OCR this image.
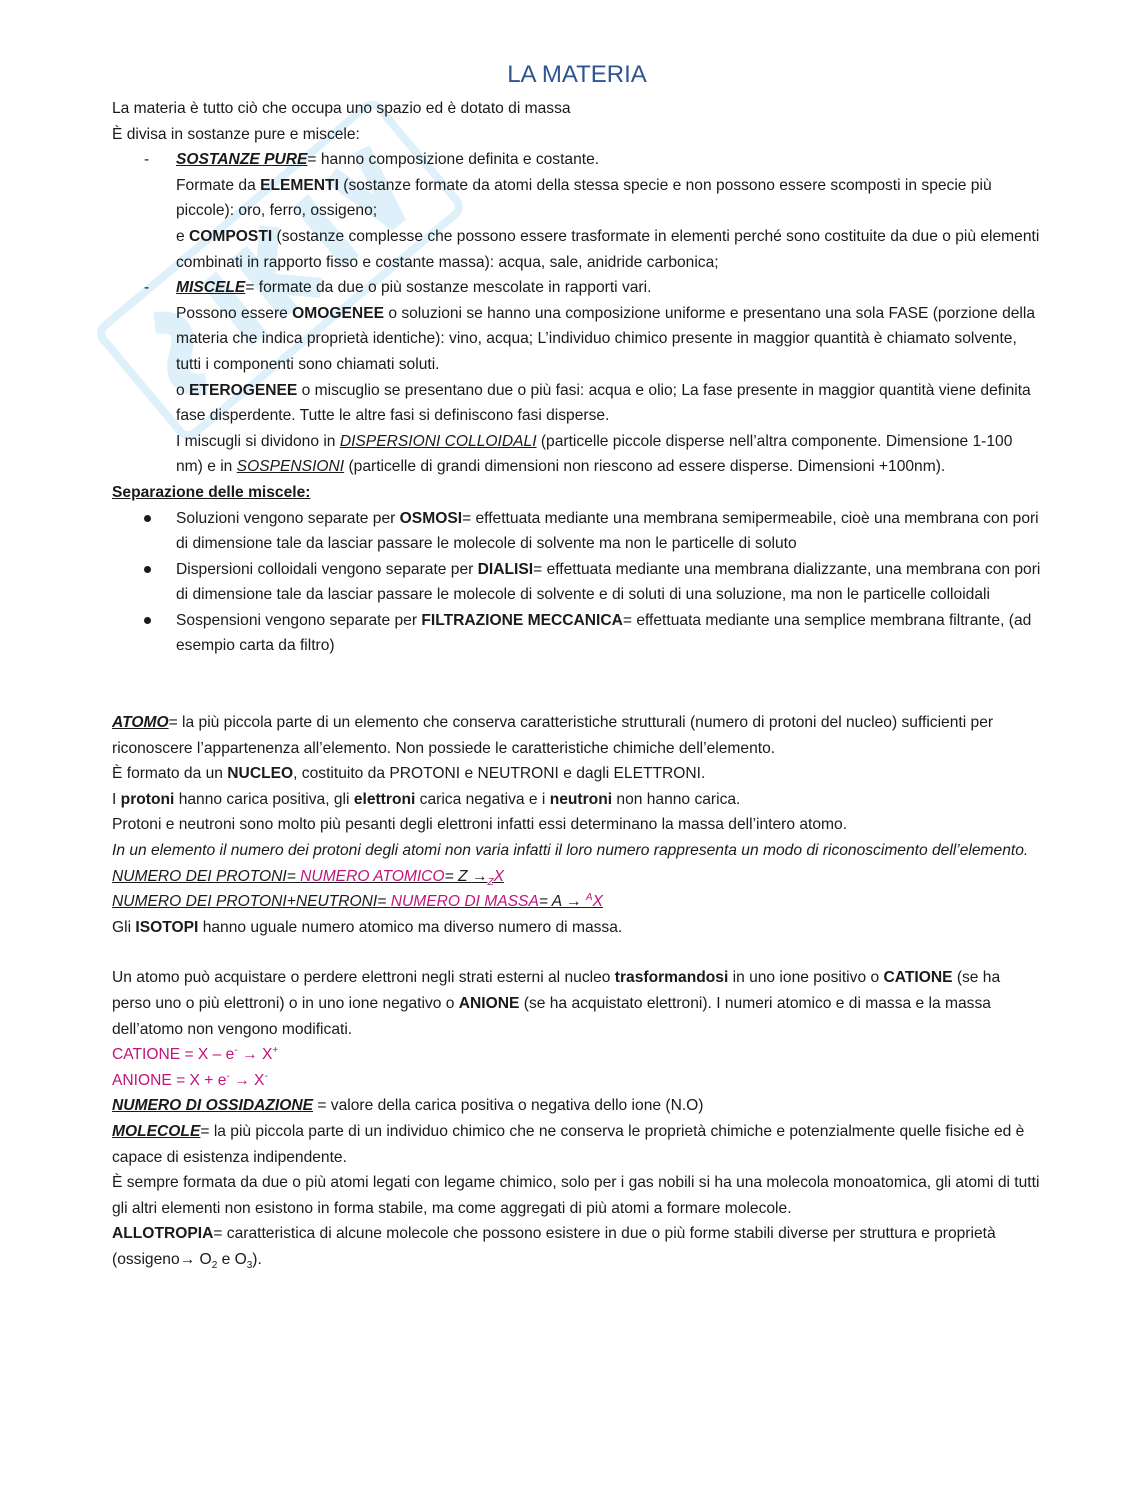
LA MATERIA

La materia è tutto ciò che occupa uno spazio ed è dotato di massa

È divisa in sostanze pure e miscele:

- SOSTANZE PURE= hanno composizione definita e costante.

Formate da ELEMENTI (sostanze formate da atomi della stessa specie e non possono essere scomposti in specie più piccole): oro, ferro, ossigeno;

e COMPOSTI (sostanze complesse che possono essere trasformate in elementi perché sono costituite da due o più elementi combinati in rapporto fisso e costante massa): acqua, sale, anidride carbonica;

- MISCELE= formate da due o più sostanze mescolate in rapporti vari.

Possono essere OMOGENEE o soluzioni se hanno una composizione uniforme e presentano una sola FASE (porzione della materia che indica proprietà identiche): vino, acqua; L’individuo chimico presente in maggior quantità è chiamato solvente, tutti i componenti sono chiamati soluti.

o ETEROGENEE o miscuglio se presentano due o più fasi: acqua e olio; La fase presente in maggior quantità viene definita fase disperdente. Tutte le altre fasi si definiscono fasi disperse.

I miscugli si dividono in DISPERSIONI COLLOIDALI (particelle piccole disperse nell’altra componente. Dimensione 1-100 nm) e in SOSPENSIONI (particelle di grandi dimensioni non riescono ad essere disperse. Dimensioni +100nm).

Separazione delle miscele:

Soluzioni vengono separate per OSMOSI= effettuata mediante una membrana semipermeabile, cioè una membrana con pori di dimensione tale da lasciar passare le molecole di solvente ma non le particelle di soluto

Dispersioni colloidali vengono separate per DIALISI= effettuata mediante una membrana dializzante, una membrana con pori di dimensione tale da lasciar passare le molecole di solvente e di soluti di una soluzione, ma non le particelle colloidali

Sospensioni vengono separate per FILTRAZIONE MECCANICA= effettuata mediante una semplice membrana filtrante, (ad esempio carta da filtro)

ATOMO= la più piccola parte di un elemento che conserva caratteristiche strutturali (numero di protoni del nucleo) sufficienti per riconoscere l’appartenenza all’elemento. Non possiede le caratteristiche chimiche dell’elemento.

È formato da un NUCLEO, costituito da PROTONI e NEUTRONI e dagli ELETTRONI.

I protoni hanno carica positiva, gli elettroni carica negativa e i neutroni non hanno carica.

Protoni e neutroni sono molto più pesanti degli elettroni infatti essi determinano la massa dell’intero atomo.

In un elemento il numero dei protoni degli atomi non varia infatti il loro numero rappresenta un modo di riconoscimento dell’elemento.

NUMERO DEI PROTONI= NUMERO ATOMICO= $Z \to_ZX$

NUMERO DEI PROTONI+NEUTRONI= NUMERO DI MASSA= A → $^A$X

Gli ISOTOPI hanno uguale numero atomico ma diverso numero di massa.

Un atomo può acquistare o perdere elettroni negli strati esterni al nucleo trasformandosi in uno ione positivo o CATIONE (se ha perso uno o più elettroni) o in uno ione negativo o ANIONE (se ha acquistato elettroni). I numeri atomico e di massa e la massa dell’atomo non vengono modificati.

CATIONE = X – e- → X+

ANIONE = X + e- → X-

NUMERO DI OSSIDAZIONE = valore della carica positiva o negativa dello ione (N.O)

MOLECOLE= la più piccola parte di un individuo chimico che ne conserva le proprietà chimiche e potenzialmente quelle fisiche ed è capace di esistenza indipendente.

È sempre formata da due o più atomi legati con legame chimico, solo per i gas nobili si ha una molecola monoatomica, gli atomi di tutti gli altri elementi non esistono in forma stabile, ma come aggregati di più atomi a formare molecole.

ALLOTROPIA= caratteristica di alcune molecole che possono esistere in due o più forme stabili diverse per struttura e proprietà (ossigeno→ $O_2$ e $O_3$).
